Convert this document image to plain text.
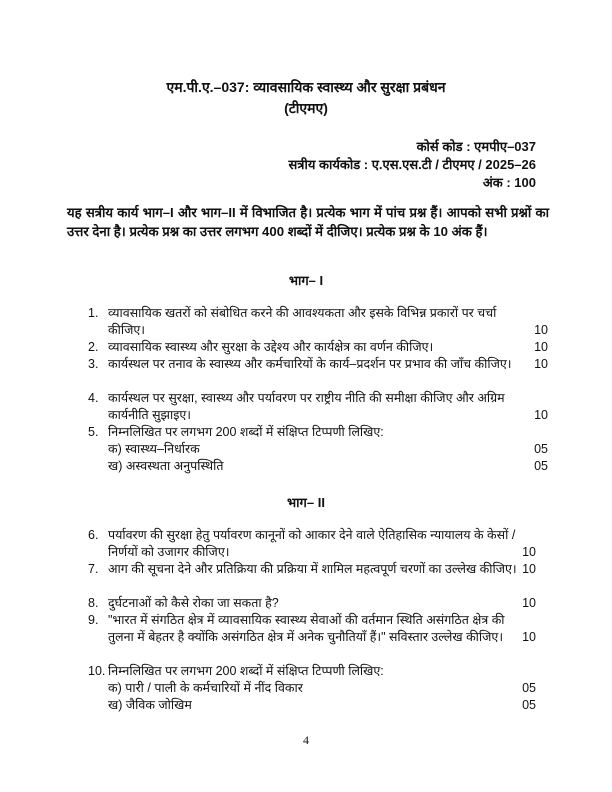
एम.पी.ए.–037: व्यावसायिक स्वास्थ्य और सुरक्षा प्रबंधन
(टीएमए)
कोर्स कोड : एमपीए–037
सत्रीय कार्यकोड : ए.एस.एस.टी / टीएमए / 2025–26
अंक : 100
यह सत्रीय कार्य भाग–I और भाग–II में विभाजित है। प्रत्येक भाग में पांच प्रश्न हैं। आपको सभी प्रश्नों का उत्तर देना है। प्रत्येक प्रश्न का उत्तर लगभग 400 शब्दों में दीजिए। प्रत्येक प्रश्न के 10 अंक हैं।
भाग– I
1. व्यावसायिक खतरों को संबोधित करने की आवश्यकता और इसके विभिन्न प्रकारों पर चर्चा कीजिए।	10
2. व्यावसायिक स्वास्थ्य और सुरक्षा के उद्देश्य और कार्यक्षेत्र का वर्णन कीजिए।	10
3. कार्यस्थल पर तनाव के स्वास्थ्य और कर्मचारियों के कार्य–प्रदर्शन पर प्रभाव की जाँच कीजिए।	10
4. कार्यस्थल पर सुरक्षा, स्वास्थ्य और पर्यावरण पर राष्ट्रीय नीति की समीक्षा कीजिए और अग्रिम कार्यनीति सुझाइए।	10
5. निम्नलिखित पर लगभग 200 शब्दों में संक्षिप्त टिप्पणी लिखिए:
क) स्वास्थ्य–निर्धारक	05
ख) अस्वस्थता अनुपस्थिति	05
भाग– II
6. पर्यावरण की सुरक्षा हेतु पर्यावरण कानूनों को आकार देने वाले ऐतिहासिक न्यायालय के केसों / निर्णयों को उजागर कीजिए।	10
7. आग की सूचना देने और प्रतिक्रिया की प्रक्रिया में शामिल महत्वपूर्ण चरणों का उल्लेख कीजिए। 10
8. दुर्घटनाओं को कैसे रोका जा सकता है?	10
9. "भारत में संगठित क्षेत्र में व्यावसायिक स्वास्थ्य सेवाओं की वर्तमान स्थिति असंगठित क्षेत्र की तुलना में बेहतर है क्योंकि असंगठित क्षेत्र में अनेक चुनौतियाँ हैं।" सविस्तार उल्लेख कीजिए।	10
10. निम्नलिखित पर लगभग 200 शब्दों में संक्षिप्त टिप्पणी लिखिए:
क) पारी / पाली के कर्मचारियों में नींद विकार	05
ख) जैविक जोखिम	05
4
